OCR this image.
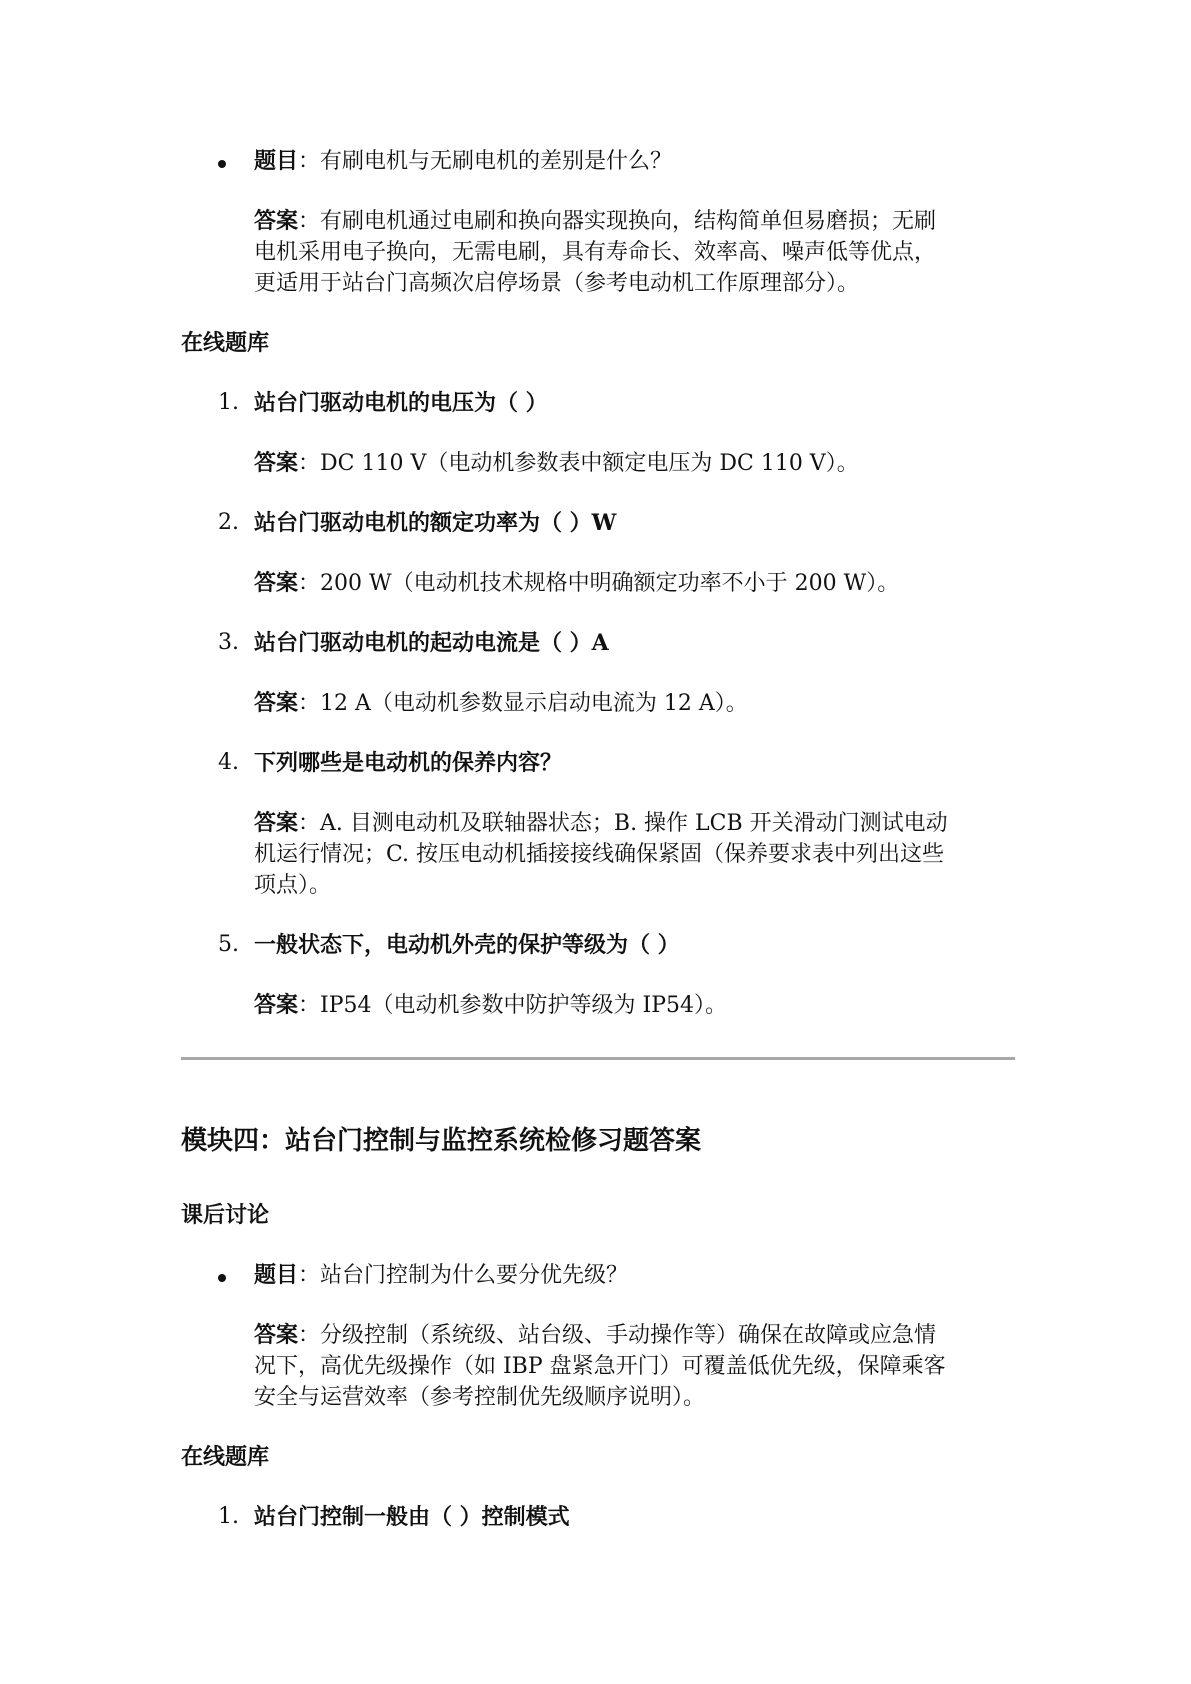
题目：有刷电机与无刷电机的差别是什么？
答案：有刷电机通过电刷和换向器实现换向，结构简单但易磨损；无刷
电机采用电子换向，无需电刷，具有寿命长、效率高、噪声低等优点，
更适用于站台门高频次启停场景（参考电动机工作原理部分）。
在线题库
1. 站台门驱动电机的电压为（ ）
答案：DC 110 V（电动机参数表中额定电压为 DC 110 V）。
2. 站台门驱动电机的额定功率为（ ）W
答案：200 W（电动机技术规格中明确额定功率不小于 200 W）。
3. 站台门驱动电机的起动电流是（ ）A
答案：12 A（电动机参数显示启动电流为 12 A）。
4. 下列哪些是电动机的保养内容？
答案：A. 目测电动机及联轴器状态；B. 操作 LCB 开关滑动门测试电动
机运行情况；C. 按压电动机插接接线确保紧固（保养要求表中列出这些
项点）。
5. 一般状态下，电动机外壳的保护等级为（ ）
答案：IP54（电动机参数中防护等级为 IP54）。
模块四：站台门控制与监控系统检修习题答案
课后讨论
题目：站台门控制为什么要分优先级？
答案：分级控制（系统级、站台级、手动操作等）确保在故障或应急情
况下，高优先级操作（如 IBP 盘紧急开门）可覆盖低优先级，保障乘客
安全与运营效率（参考控制优先级顺序说明）。
在线题库
1. 站台门控制一般由（ ）控制模式
